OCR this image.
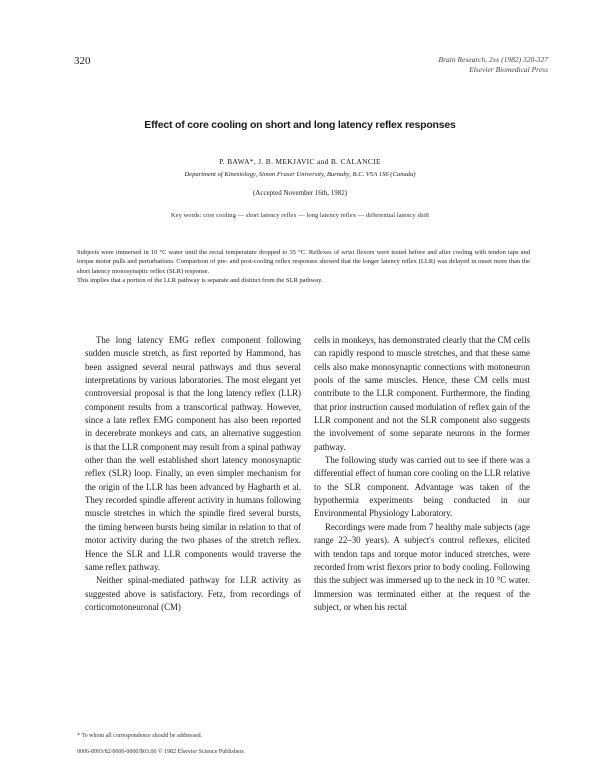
320	Brain Research, 2xx (1982) 320-327
Elsevier Biomedical Press
Effect of core cooling on short and long latency reflex responses
P. BAWA*, J. B. MEKJAVIC and B. CALANCIE
Department of Kinesiology, Simon Fraser University, Burnaby, B.C. V5A 1S6 (Canada)
(Accepted November 16th, 1982)
Key words: core cooling — short latency reflex — long latency reflex — differential latency shift

Subjects were immersed in 10 °C water until the rectal temperature dropped to 35 °C. Reflexes of wrist flexors were tested before and after cooling with tendon taps and torque motor pulls and perturbations. Comparison of pre- and post-cooling reflex responses showed that the longer latency reflex (LLR) was delayed in onset more than the short latency monosynaptic reflex (SLR) response.

This implies that a portion of the LLR pathway is separate and distinct from the SLR pathway.

The long latency EMG reflex component following sudden muscle stretch, as first reported by Hammond, has been assigned several neural pathways and thus several interpretations by various laboratories. The most elegant yet controversial proposal is that the long latency reflex (LLR) component results from a transcortical pathway. However, since a late reflex EMG component has also been reported in decerebrate monkeys and cats, an alternative suggestion is that the LLR component may result from a spinal pathway other than the well established short latency monosynaptic reflex (SLR) loop. Finally, an even simpler mechanism for the origin of the LLR has been advanced by Hagbarth et al. They recorded spindle afferent activity in humans following muscle stretches in which the spindle fired several bursts, the timing between bursts being similar in relation to that of motor activity during the two phases of the stretch reflex. Hence the SLR and LLR components would traverse the same reflex pathway.

Neither spinal-mediated pathway for LLR activity as suggested above is satisfactory. Fetz, from recordings of corticomotoneuronal (CM)

cells in monkeys, has demonstrated clearly that the CM cells can rapidly respond to muscle stretches, and that these same cells also make monosynaptic connections with motoneuron pools of the same muscles. Hence, these CM cells must contribute to the LLR component. Furthermore, the finding that prior instruction caused modulation of reflex gain of the LLR component and not the SLR component also suggests the involvement of some separate neurons in the former pathway.

The following study was carried out to see if there was a differential effect of human core cooling on the LLR relative to the SLR component. Advantage was taken of the hypothermia experiments being conducted in our Environmental Physiology Laboratory.

Recordings were made from 7 healthy male subjects (age range 22–30 years). A subject's control reflexes, elicited with tendon taps and torque motor induced stretches, were recorded from wrist flexors prior to body cooling. Following this the subject was immersed up to the neck in 10 °C water. Immersion was terminated either at the request of the subject, or when his rectal

* To whom all correspondence should be addressed.
0006-8993/82/0000-0000/$03.00 © 1982 Elsevier Science Publishers
